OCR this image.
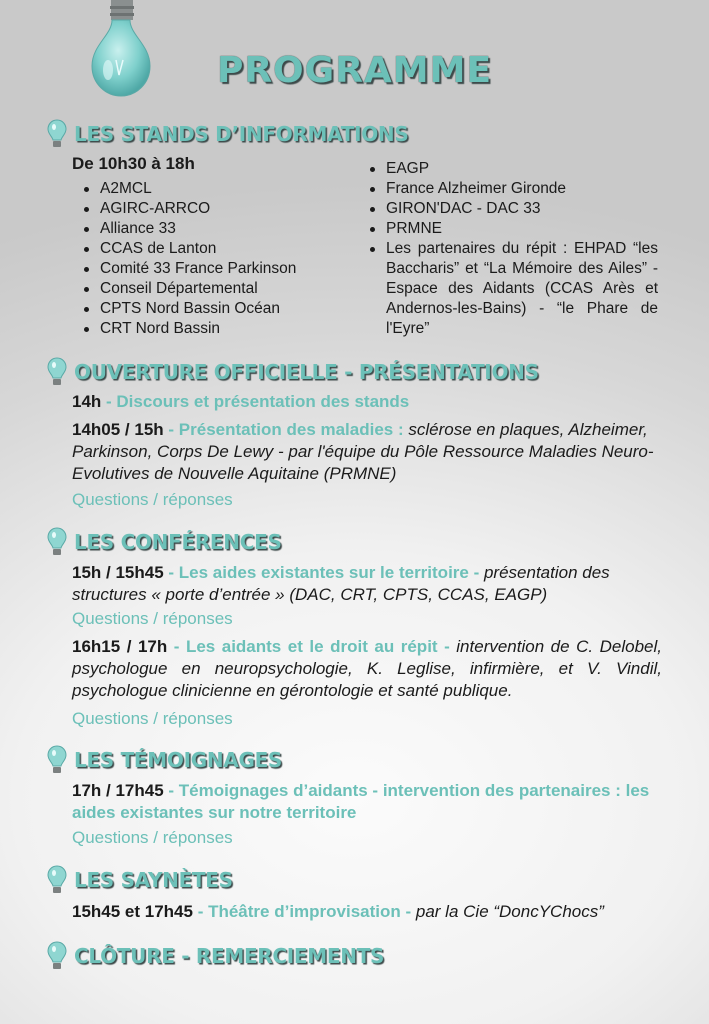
PROGRAMME
LES STANDS D’INFORMATIONS
De 10h30 à 18h
A2MCL
AGIRC-ARRCO
Alliance 33
CCAS de Lanton
Comité 33 France Parkinson
Conseil Départemental
CPTS Nord Bassin Océan
CRT Nord Bassin
EAGP
France Alzheimer Gironde
GIRON'DAC - DAC 33
PRMNE
Les partenaires du répit : EHPAD “les Baccharis” et “La Mémoire des Ailes” - Espace des Aidants (CCAS Arès et Andernos-les-Bains) - “le Phare de l'Eyre”
OUVERTURE OFFICIELLE - PRÉSENTATIONS
14h - Discours et présentation des stands
14h05 / 15h - Présentation des maladies : sclérose en plaques, Alzheimer, Parkinson, Corps De Lewy - par l'équipe du Pôle Ressource Maladies Neuro-Evolutives de Nouvelle Aquitaine (PRMNE)
Questions / réponses
LES CONFÉRENCES
15h / 15h45 - Les aides existantes sur le territoire - présentation des structures « porte d’entrée » (DAC, CRT, CPTS, CCAS, EAGP)
Questions / réponses
16h15 / 17h - Les aidants et le droit au répit - intervention de C. Delobel, psychologue en neuropsychologie, K. Leglise, infirmière, et V. Vindil, psychologue clinicienne en gérontologie et santé publique.
Questions / réponses
LES TÉMOIGNAGES
17h / 17h45 - Témoignages d’aidants - intervention des partenaires : les aides existantes sur notre territoire
Questions / réponses
LES SAYNÈTES
15h45 et 17h45 - Théâtre d’improvisation - par la Cie “DoncYChocs”
CLÔTURE - REMERCIEMENTS
